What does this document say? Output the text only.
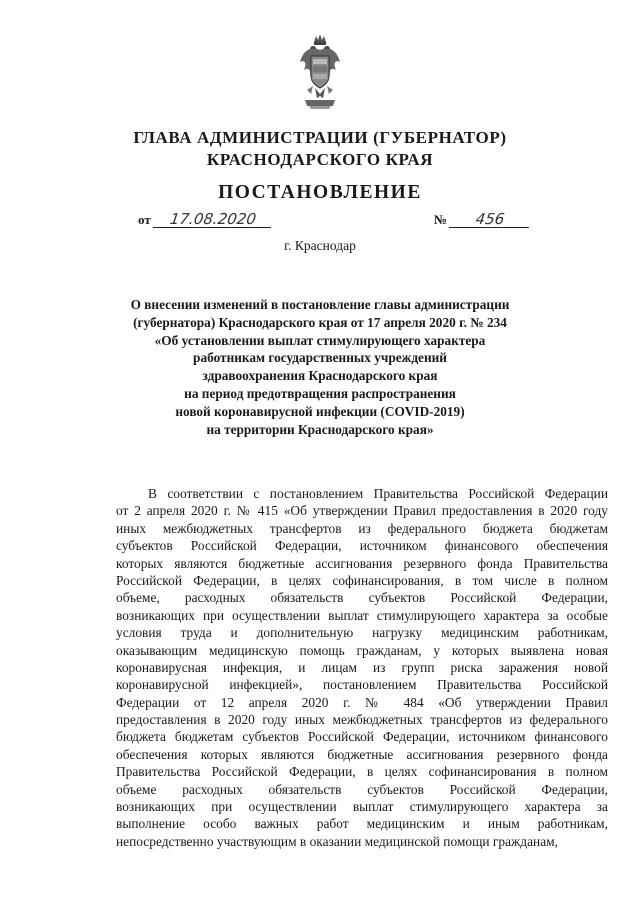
ГЛАВА АДМИНИСТРАЦИИ (ГУБЕРНАТОР)
КРАСНОДАРСКОГО КРАЯ
ПОСТАНОВЛЕНИЕ
от 17.08.2020	№ 456
г. Краснодар
О внесении изменений в постановление главы администрации
(губернатора) Краснодарского края от 17 апреля 2020 г. № 234
«Об установлении выплат стимулирующего характера
работникам государственных учреждений
здравоохранения Краснодарского края
на период предотвращения распространения
новой коронавирусной инфекции (COVID-2019)
на территории Краснодарского края»
В соответствии с постановлением Правительства Российской Федерации
от 2 апреля 2020 г. № 415 «Об утверждении Правил предоставления в 2020 году
иных межбюджетных трансфертов из федерального бюджета бюджетам
субъектов Российской Федерации, источником финансового обеспечения
которых являются бюджетные ассигнования резервного фонда Правительства
Российской Федерации, в целях софинансирования, в том числе в полном
объеме, расходных обязательств субъектов Российской Федерации,
возникающих при осуществлении выплат стимулирующего характера за особые
условия труда и дополнительную нагрузку медицинским работникам,
оказывающим медицинскую помощь гражданам, у которых выявлена новая
коронавирусная инфекция, и лицам из групп риска заражения новой
коронавирусной инфекцией», постановлением Правительства Российской
Федерации от 12 апреля 2020 г. № 484 «Об утверждении Правил
предоставления в 2020 году иных межбюджетных трансфертов из федерального
бюджета бюджетам субъектов Российской Федерации, источником финансового
обеспечения которых являются бюджетные ассигнования резервного фонда
Правительства Российской Федерации, в целях софинансирования в полном
объеме расходных обязательств субъектов Российской Федерации,
возникающих при осуществлении выплат стимулирующего характера за
выполнение особо важных работ медицинским и иным работникам,
непосредственно участвующим в оказании медицинской помощи гражданам,
